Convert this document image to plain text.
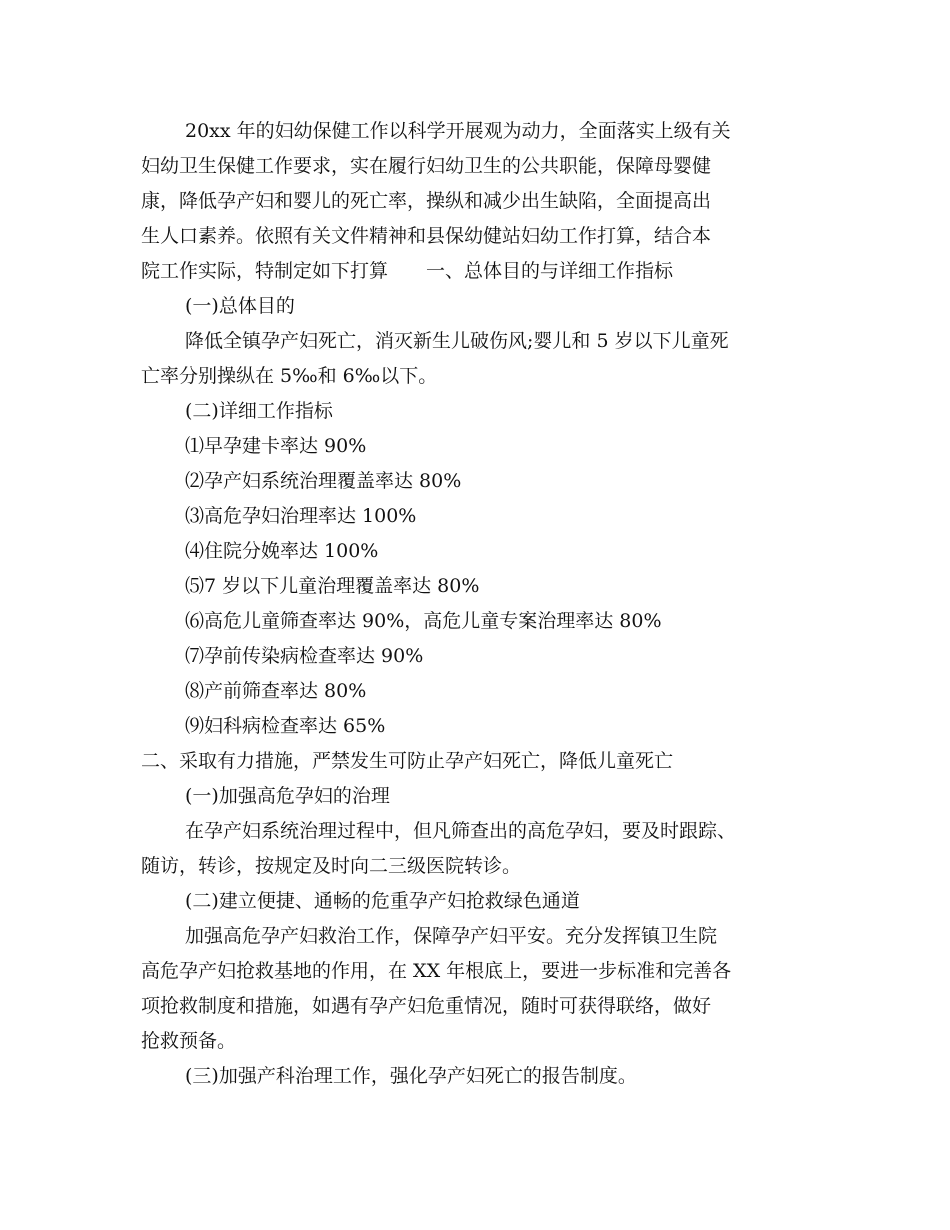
20xx 年的妇幼保健工作以科学开展观为动力，全面落实上级有关
妇幼卫生保健工作要求，实在履行妇幼卫生的公共职能，保障母婴健
康，降低孕产妇和婴儿的死亡率，操纵和减少出生缺陷，全面提高出
生人口素养。依照有关文件精神和县保幼健站妇幼工作打算，结合本
院工作实际，特制定如下打算　　一、总体目的与详细工作指标
(一)总体目的
降低全镇孕产妇死亡，消灭新生儿破伤风;婴儿和 5 岁以下儿童死
亡率分别操纵在 5‰和 6‰以下。
(二)详细工作指标
⑴早孕建卡率达 90%
⑵孕产妇系统治理覆盖率达 80%
⑶高危孕妇治理率达 100%
⑷住院分娩率达 100%
⑸7 岁以下儿童治理覆盖率达 80%
⑹高危儿童筛查率达 90%，高危儿童专案治理率达 80%
⑺孕前传染病检查率达 90%
⑻产前筛查率达 80%
⑼妇科病检查率达 65%
二、采取有力措施，严禁发生可防止孕产妇死亡，降低儿童死亡
(一)加强高危孕妇的治理
在孕产妇系统治理过程中，但凡筛查出的高危孕妇，要及时跟踪、
随访，转诊，按规定及时向二三级医院转诊。
(二)建立便捷、通畅的危重孕产妇抢救绿色通道
加强高危孕产妇救治工作，保障孕产妇平安。充分发挥镇卫生院
高危孕产妇抢救基地的作用，在 XX 年根底上，要进一步标准和完善各
项抢救制度和措施，如遇有孕产妇危重情况，随时可获得联络，做好
抢救预备。
(三)加强产科治理工作，强化孕产妇死亡的报告制度。
